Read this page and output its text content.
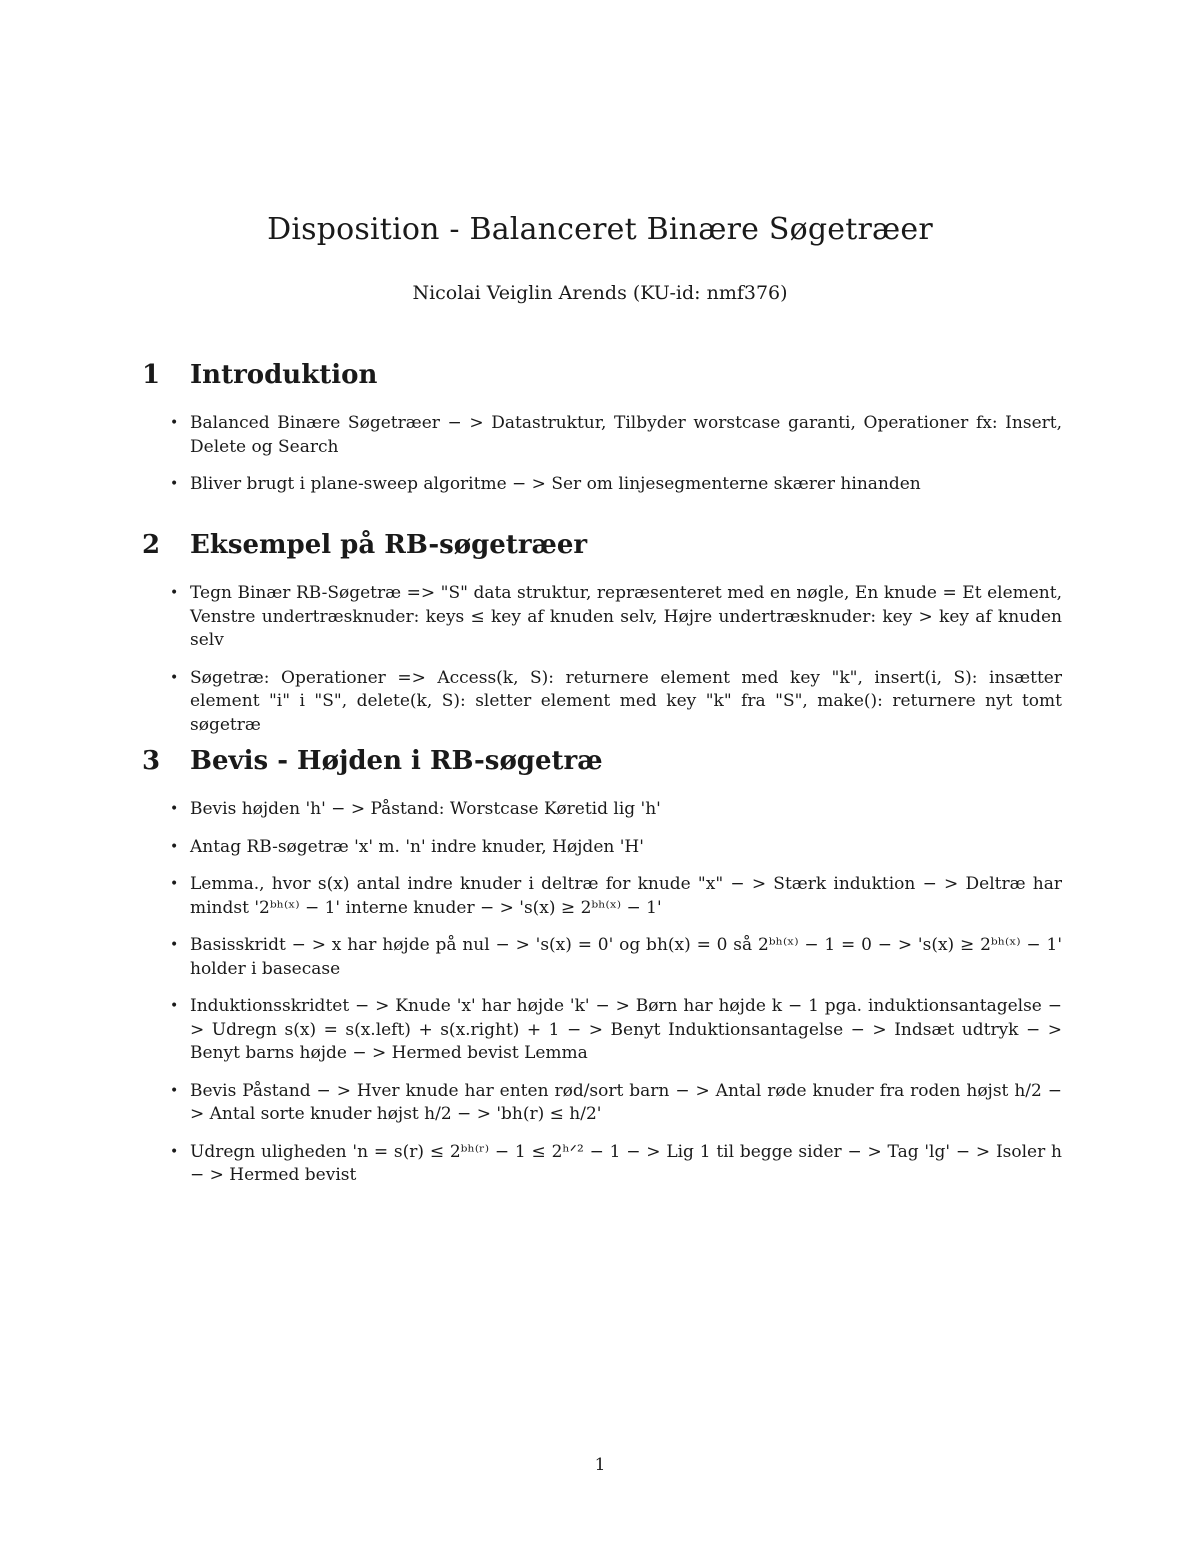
Disposition - Balanceret Binære Søgetræer
Nicolai Veiglin Arends (KU-id: nmf376)
1	Introduktion
• Balanced Binære Søgetræer − > Datastruktur, Tilbyder worstcase garanti, Operationer fx: Insert, Delete og Search
• Bliver brugt i plane-sweep algoritme − > Ser om linjesegmenterne skærer hinanden
2	Eksempel på RB-søgetræer
• Tegn Binær RB-Søgetræ => "S" data struktur, repræsenteret med en nøgle, En knude = Et element, Venstre undertræsknuder: keys ≤ key af knuden selv, Højre undertræsknuder: key > key af knuden selv
• Søgetræ: Operationer => Access(k, S): returnere element med key "k", insert(i, S): insætter element "i" i "S", delete(k, S): sletter element med key "k" fra "S", make(): returnere nyt tomt søgetræ
3	Bevis - Højden i RB-søgetræ
• Bevis højden 'h' − > Påstand: Worstcase Køretid lig 'h'
• Antag RB-søgetræ 'x' m. 'n' indre knuder, Højden 'H'
• Lemma., hvor s(x) antal indre knuder i deltræ for knude "x" − > Stærk induktion − > Deltræ har mindst '2ᵇʰ⁽ˣ⁾ − 1' interne knuder − > 's(x) ≥ 2ᵇʰ⁽ˣ⁾ − 1'
• Basisskridt − > x har højde på nul − > 's(x) = 0' og bh(x) = 0 så 2ᵇʰ⁽ˣ⁾ − 1 = 0 − > 's(x) ≥ 2ᵇʰ⁽ˣ⁾ − 1' holder i basecase
• Induktionsskridtet − > Knude 'x' har højde 'k' − > Børn har højde k − 1 pga. induktionsantagelse − > Udregn s(x) = s(x.left) + s(x.right) + 1 − > Benyt Induktionsantagelse − > Indsæt udtryk − > Benyt barns højde − > Hermed bevist Lemma
• Bevis Påstand − > Hver knude har enten rød/sort barn − > Antal røde knuder fra roden højst h/2 − > Antal sorte knuder højst h/2 − > 'bh(r) ≤ h/2'
• Udregn uligheden 'n = s(r) ≤ 2ᵇʰ⁽ʳ⁾ − 1 ≤ 2ʰᐟ² − 1 − > Lig 1 til begge sider − > Tag 'lg' − > Isoler h − > Hermed bevist
1
